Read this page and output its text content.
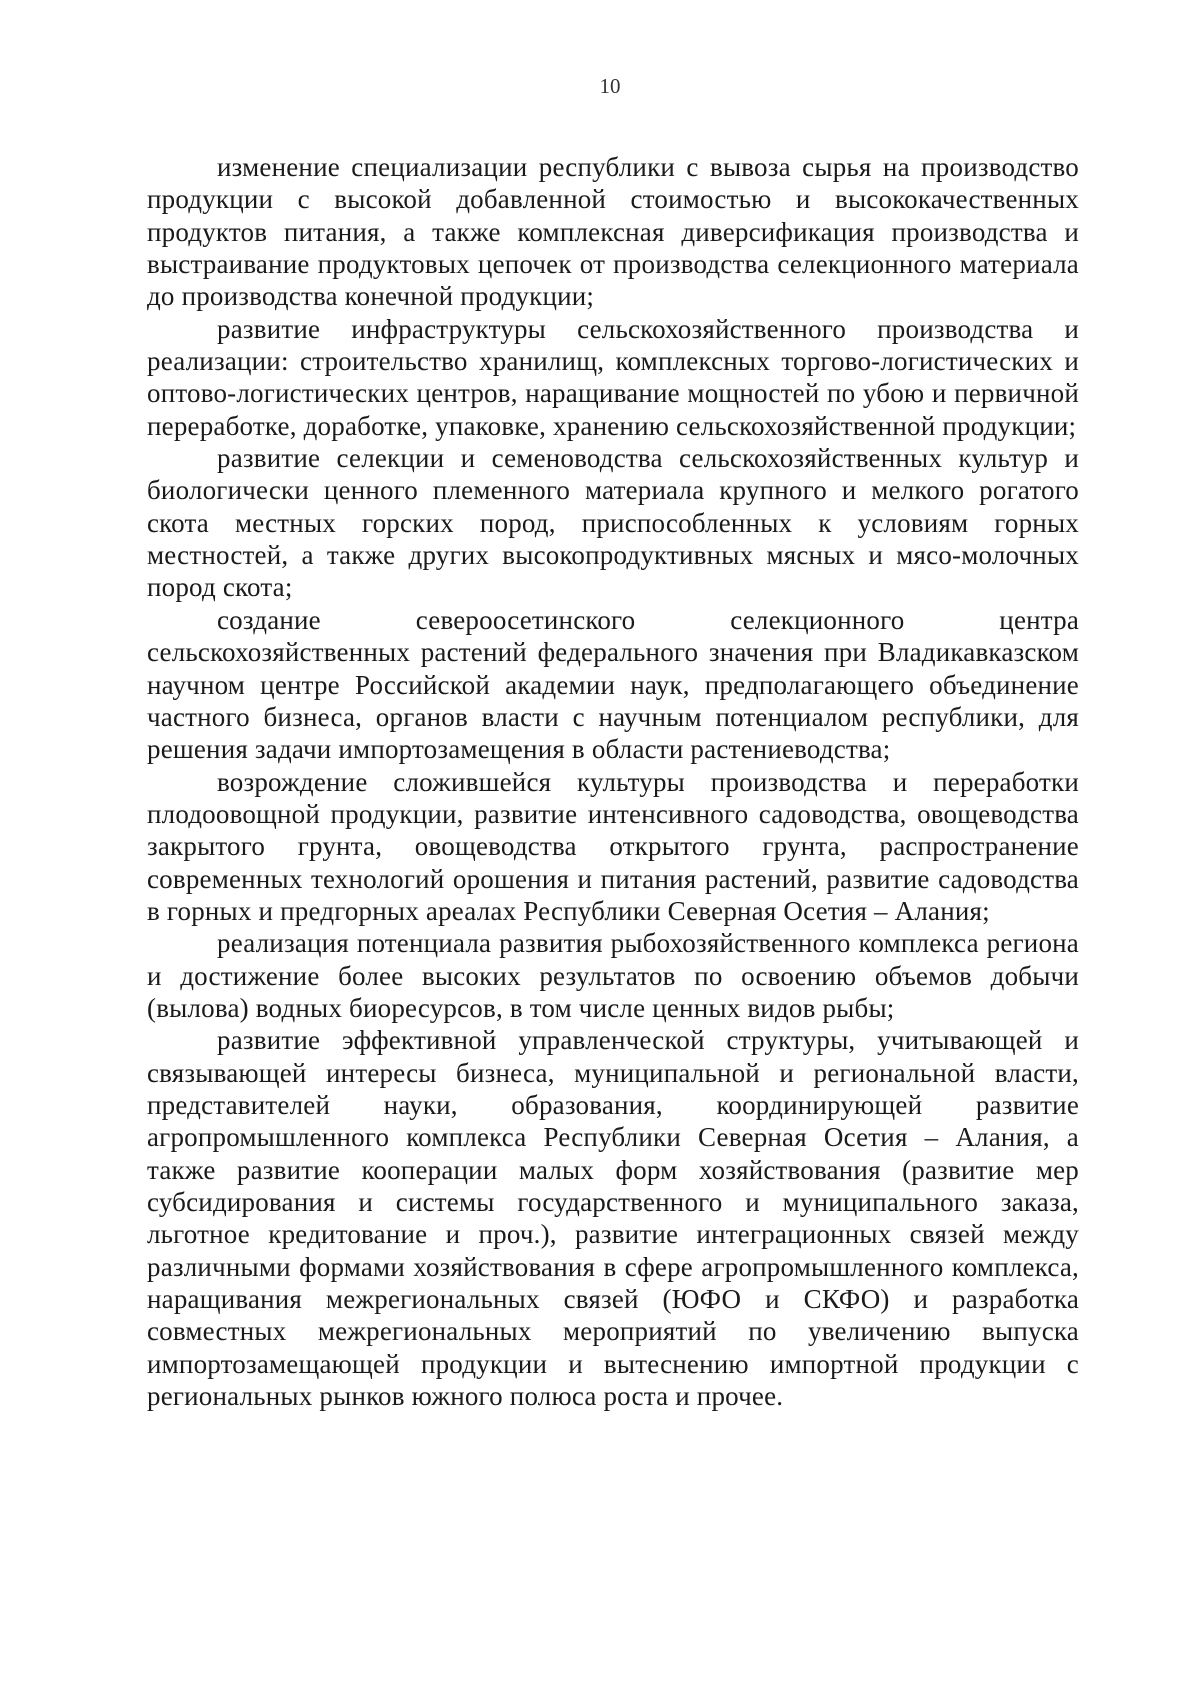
10

изменение специализации республики с вывоза сырья на производство продукции с высокой добавленной стоимостью и высококачественных продуктов питания, а также комплексная диверсификация производства и выстраивание продуктовых цепочек от производства селекционного материала до производства конечной продукции;

развитие инфраструктуры сельскохозяйственного производства и реализации: строительство хранилищ, комплексных торгово-логистических и оптово-логистических центров, наращивание мощностей по убою и первичной переработке, доработке, упаковке, хранению сельскохозяйственной продукции;

развитие селекции и семеноводства сельскохозяйственных культур и биологически ценного племенного материала крупного и мелкого рогатого скота местных горских пород, приспособленных к условиям горных местностей, а также других высокопродуктивных мясных и мясо-молочных пород скота;

создание североосетинского селекционного центра сельскохозяйственных растений федерального значения при Владикавказском научном центре Российской академии наук, предполагающего объединение частного бизнеса, органов власти с научным потенциалом республики, для решения задачи импортозамещения в области растениеводства;

возрождение сложившейся культуры производства и переработки плодоовощной продукции, развитие интенсивного садоводства, овощеводства закрытого грунта, овощеводства открытого грунта, распространение современных технологий орошения и питания растений, развитие садоводства в горных и предгорных ареалах Республики Северная Осетия – Алания;

реализация потенциала развития рыбохозяйственного комплекса региона и достижение более высоких результатов по освоению объемов добычи (вылова) водных биоресурсов, в том числе ценных видов рыбы;

развитие эффективной управленческой структуры, учитывающей и связывающей интересы бизнеса, муниципальной и региональной власти, представителей науки, образования, координирующей развитие агропромышленного комплекса Республики Северная Осетия – Алания, а также развитие кооперации малых форм хозяйствования (развитие мер субсидирования и системы государственного и муниципального заказа, льготное кредитование и проч.), развитие интеграционных связей между различными формами хозяйствования в сфере агропромышленного комплекса, наращивания межрегиональных связей (ЮФО и СКФО) и разработка совместных межрегиональных мероприятий по увеличению выпуска импортозамещающей продукции и вытеснению импортной продукции с региональных рынков южного полюса роста и прочее.
